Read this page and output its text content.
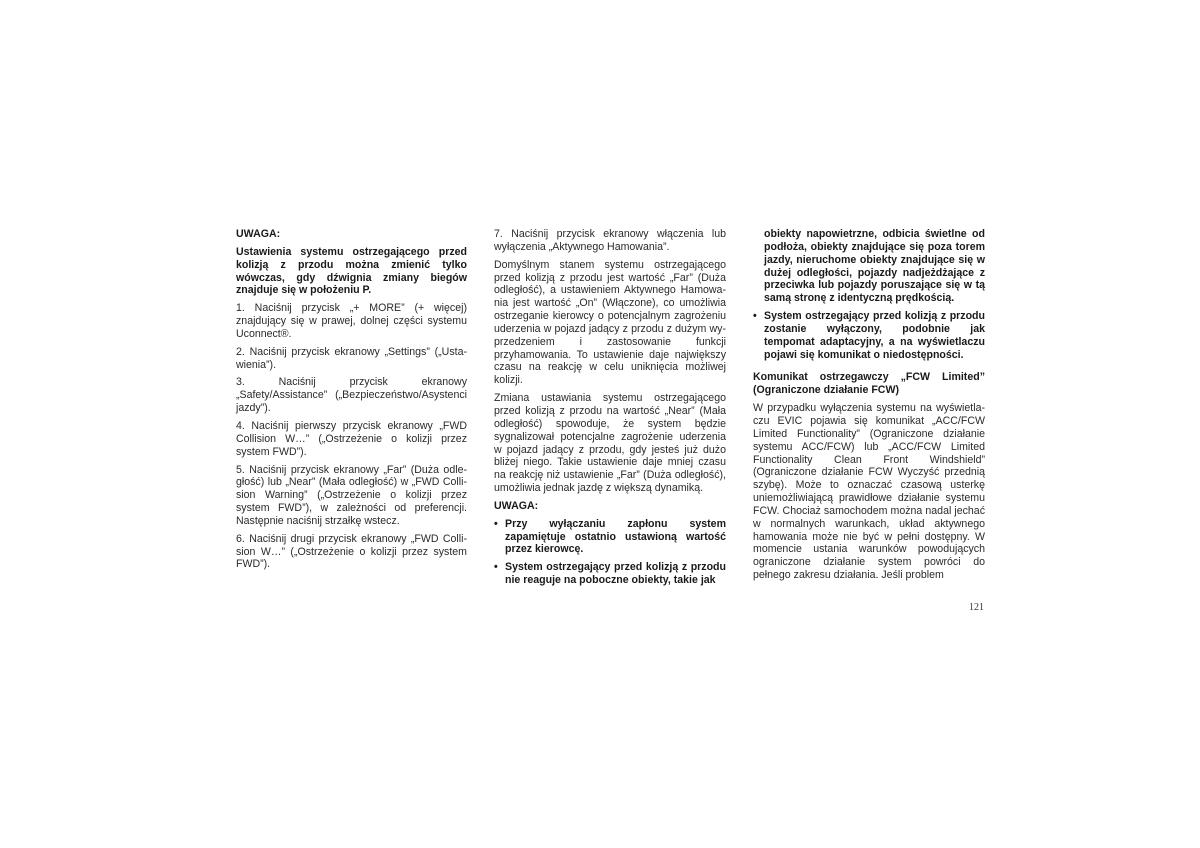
UWAGA:

Ustawienia systemu ostrzegającego przed kolizją z przodu można zmienić tylko wówczas, gdy dźwignia zmiany biegów znajduje się w położeniu P.

1. Naciśnij przycisk „+ MORE” (+ więcej) znajdujący się w prawej, dolnej części systemu Uconnect®.

2. Naciśnij przycisk ekranowy „Settings” („Ustawienia”).

3. Naciśnij przycisk ekranowy „Safety/Assistance” („Bezpieczeństwo/Asystenci jazdy”).

4. Naciśnij pierwszy przycisk ekranowy „FWD Collision W…” („Ostrzeżenie o kolizji przez system FWD”).

5. Naciśnij przycisk ekranowy „Far” (Duża odległość) lub „Near” (Mała odległość) w „FWD Collision Warning” („Ostrzeżenie o kolizji przez system FWD”), w zależności od preferencji. Następnie naciśnij strzałkę wstecz.

6. Naciśnij drugi przycisk ekranowy „FWD Collision W…” („Ostrzeżenie o kolizji przez system FWD”).

7. Naciśnij przycisk ekranowy włączenia lub wyłączenia „Aktywnego Hamowania”.

Domyślnym stanem systemu ostrzegającego przed kolizją z przodu jest wartość „Far” (Duża odległość), a ustawieniem Aktywnego Hamowania jest wartość „On” (Włączone), co umożliwia ostrzeganie kierowcy o potencjalnym zagrożeniu uderzenia w pojazd jadący z przodu z dużym wyprzedzeniem i zastosowanie funkcji przyhamowania. To ustawienie daje największy czasu na reakcję w celu uniknięcia możliwej kolizji.

Zmiana ustawiania systemu ostrzegającego przed kolizją z przodu na wartość „Near” (Mała odległość) spowoduje, że system będzie sygnalizował potencjalne zagrożenie uderzenia w pojazd jadący z przodu, gdy jesteś już dużo bliżej niego. Takie ustawienie daje mniej czasu na reakcję niż ustawienie „Far” (Duża odległość), umożliwia jednak jazdę z większą dynamiką.

UWAGA:

• Przy wyłączaniu zapłonu system zapamiętuje ostatnio ustawioną wartość przez kierowcę.
• System ostrzegający przed kolizją z przodu nie reaguje na poboczne obiekty, takie jak

obiekty napowietrzne, odbicia świetlne od podłoża, obiekty znajdujące się poza torem jazdy, nieruchome obiekty znajdujące się w dużej odległości, pojazdy nadjeżdżające z przeciwka lub pojazdy poruszające się w tą samą stronę z identyczną prędkością.

• System ostrzegający przed kolizją z przodu zostanie wyłączony, podobnie jak tempomat adaptacyjny, a na wyświetlaczu pojawi się komunikat o niedostępności.

Komunikat ostrzegawczy „FCW Limited” (Ograniczone działanie FCW)

W przypadku wyłączenia systemu na wyświetlaczu EVIC pojawia się komunikat „ACC/FCW Limited Functionality” (Ograniczone działanie systemu ACC/FCW) lub „ACC/FCW Limited Functionality Clean Front Windshield” (Ograniczone działanie FCW Wyczyść przednią szybę). Może to oznaczać czasową usterkę uniemożliwiającą prawidłowe działanie systemu FCW. Chociaż samochodem można nadal jechać w normalnych warunkach, układ aktywnego hamowania może nie być w pełni dostępny. W momencie ustania warunków powodujących ograniczone działanie system powróci do pełnego zakresu działania. Jeśli problem

121
